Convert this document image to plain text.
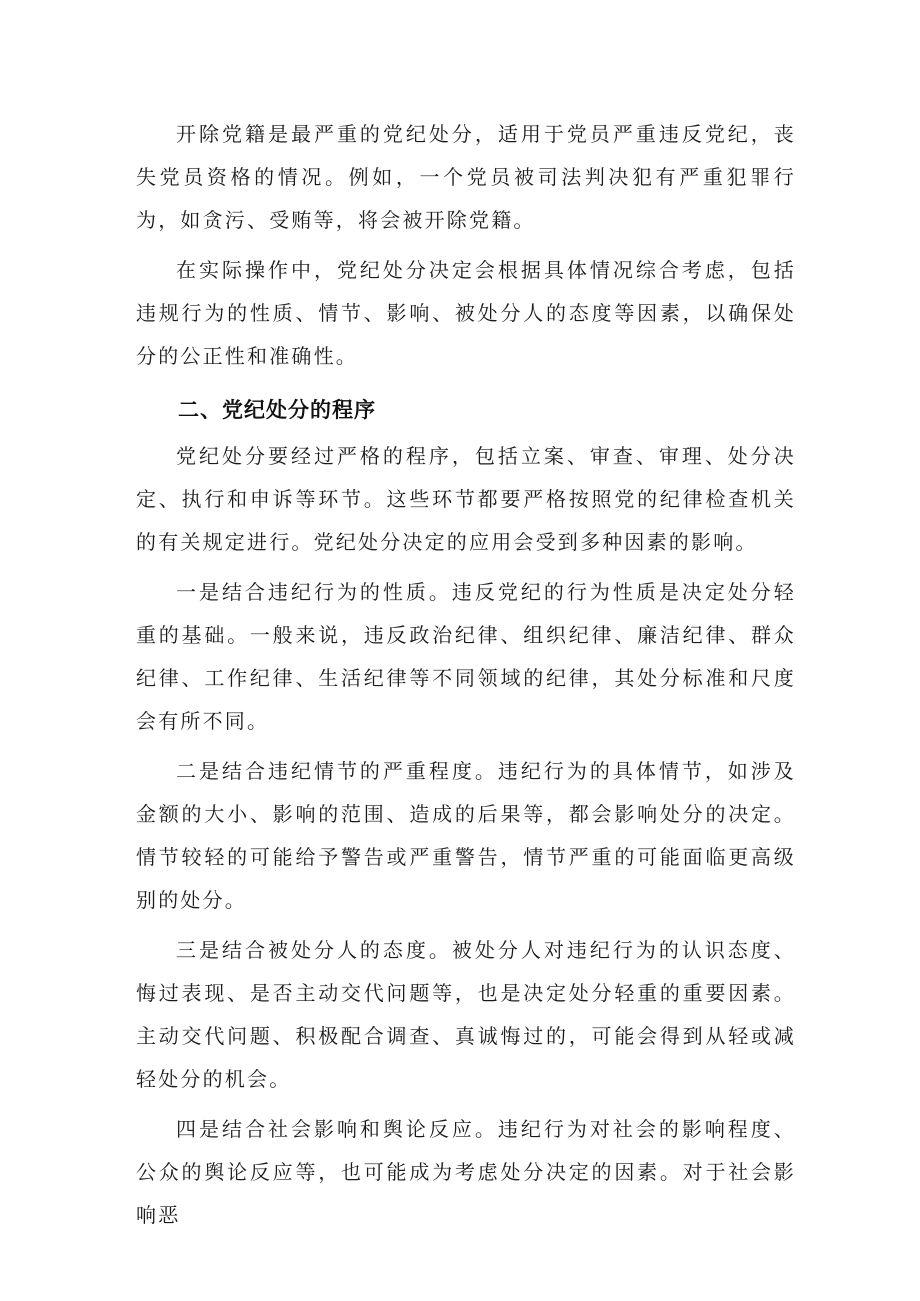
开除党籍是最严重的党纪处分，适用于党员严重违反党纪，丧失党员资格的情况。例如，一个党员被司法判决犯有严重犯罪行为，如贪污、受贿等，将会被开除党籍。

在实际操作中，党纪处分决定会根据具体情况综合考虑，包括违规行为的性质、情节、影响、被处分人的态度等因素，以确保处分的公正性和准确性。

二、党纪处分的程序

党纪处分要经过严格的程序，包括立案、审查、审理、处分决定、执行和申诉等环节。这些环节都要严格按照党的纪律检查机关的有关规定进行。党纪处分决定的应用会受到多种因素的影响。

一是结合违纪行为的性质。违反党纪的行为性质是决定处分轻重的基础。一般来说，违反政治纪律、组织纪律、廉洁纪律、群众纪律、工作纪律、生活纪律等不同领域的纪律，其处分标准和尺度会有所不同。

二是结合违纪情节的严重程度。违纪行为的具体情节，如涉及金额的大小、影响的范围、造成的后果等，都会影响处分的决定。情节较轻的可能给予警告或严重警告，情节严重的可能面临更高级别的处分。

三是结合被处分人的态度。被处分人对违纪行为的认识态度、悔过表现、是否主动交代问题等，也是决定处分轻重的重要因素。主动交代问题、积极配合调查、真诚悔过的，可能会得到从轻或减轻处分的机会。

四是结合社会影响和舆论反应。违纪行为对社会的影响程度、公众的舆论反应等，也可能成为考虑处分决定的因素。对于社会影响恶
